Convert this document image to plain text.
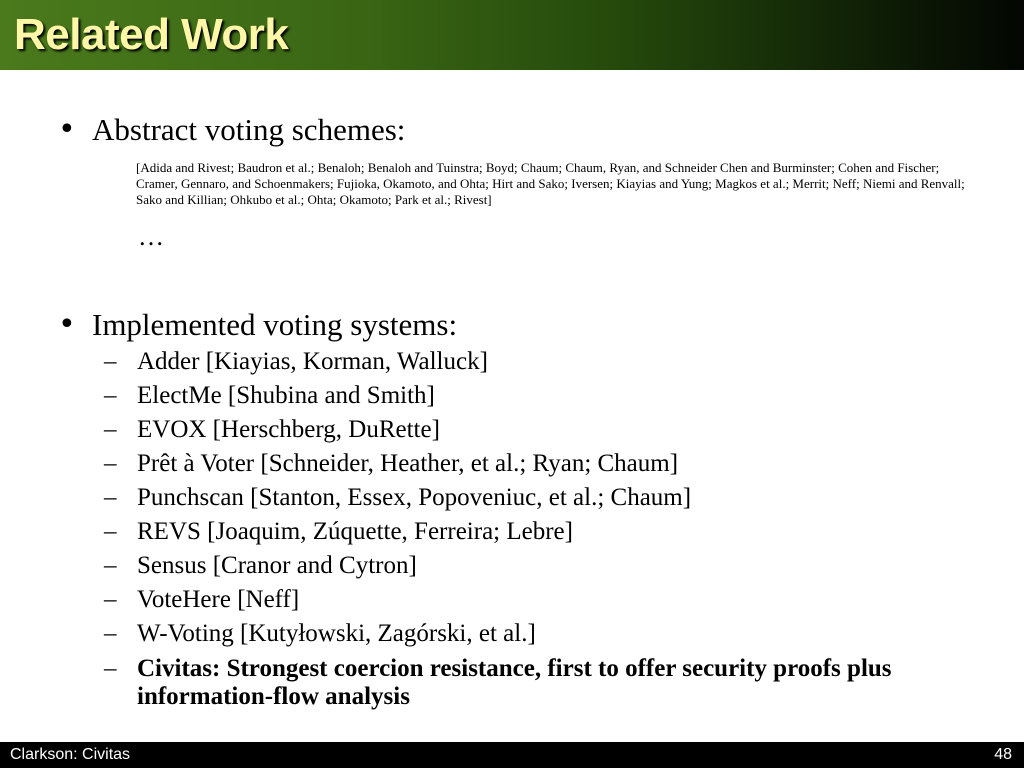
Related Work
• Abstract voting schemes:
[Adida and Rivest; Baudron et al.; Benaloh; Benaloh and Tuinstra; Boyd; Chaum; Chaum, Ryan, and Schneider Chen and Burminster; Cohen and Fischer; Cramer, Gennaro, and Schoenmakers; Fujioka, Okamoto, and Ohta; Hirt and Sako; Iversen; Kiayias and Yung; Magkos et al.; Merrit; Neff; Niemi and Renvall; Sako and Killian; Ohkubo et al.; Ohta; Okamoto; Park et al.; Rivest]
…
• Implemented voting systems:
– Adder [Kiayias, Korman, Walluck]
– ElectMe [Shubina and Smith]
– EVOX [Herschberg, DuRette]
– Prêt à Voter [Schneider, Heather, et al.; Ryan; Chaum]
– Punchscan [Stanton, Essex, Popoveniuc, et al.; Chaum]
– REVS [Joaquim, Zúquette, Ferreira; Lebre]
– Sensus [Cranor and Cytron]
– VoteHere [Neff]
– W-Voting [Kutyłowski, Zagórski, et al.]
– Civitas: Strongest coercion resistance, first to offer security proofs plus information-flow analysis
Clarkson: Civitas	48
